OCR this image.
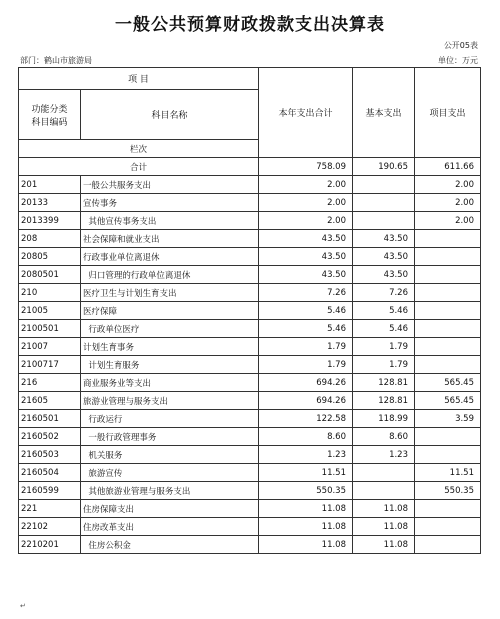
一般公共预算财政拨款支出决算表
公开05表
部门：鹤山市旅游局	单位：万元
项 目		本年支出合计	基本支出	项目支出	
功能分类
科目编码	科目名称				
栏次			
合计		758.09	190.65	611.66	
201	一般公共服务支出	2.00		2.00	
20133	宣传事务	2.00		2.00	
2013399	其他宣传事务支出	2.00		2.00	
208	社会保障和就业支出	43.50	43.50		
20805	行政事业单位离退休	43.50	43.50		
2080501	归口管理的行政单位离退休	43.50	43.50		
210	医疗卫生与计划生育支出	7.26	7.26		
21005	医疗保障	5.46	5.46		
2100501	行政单位医疗	5.46	5.46		
21007	计划生育事务	1.79	1.79		
2100717	计划生育服务	1.79	1.79		
216	商业服务业等支出	694.26	128.81	565.45	
21605	旅游业管理与服务支出	694.26	128.81	565.45	
2160501	行政运行	122.58	118.99	3.59	
2160502	一般行政管理事务	8.60	8.60		
2160503	机关服务	1.23	1.23		
2160504	旅游宣传	11.51		11.51	
2160599	其他旅游业管理与服务支出	550.35		550.35	
221	住房保障支出	11.08	11.08		
22102	住房改革支出	11.08	11.08		
2210201	住房公积金	11.08	11.08		
↵
